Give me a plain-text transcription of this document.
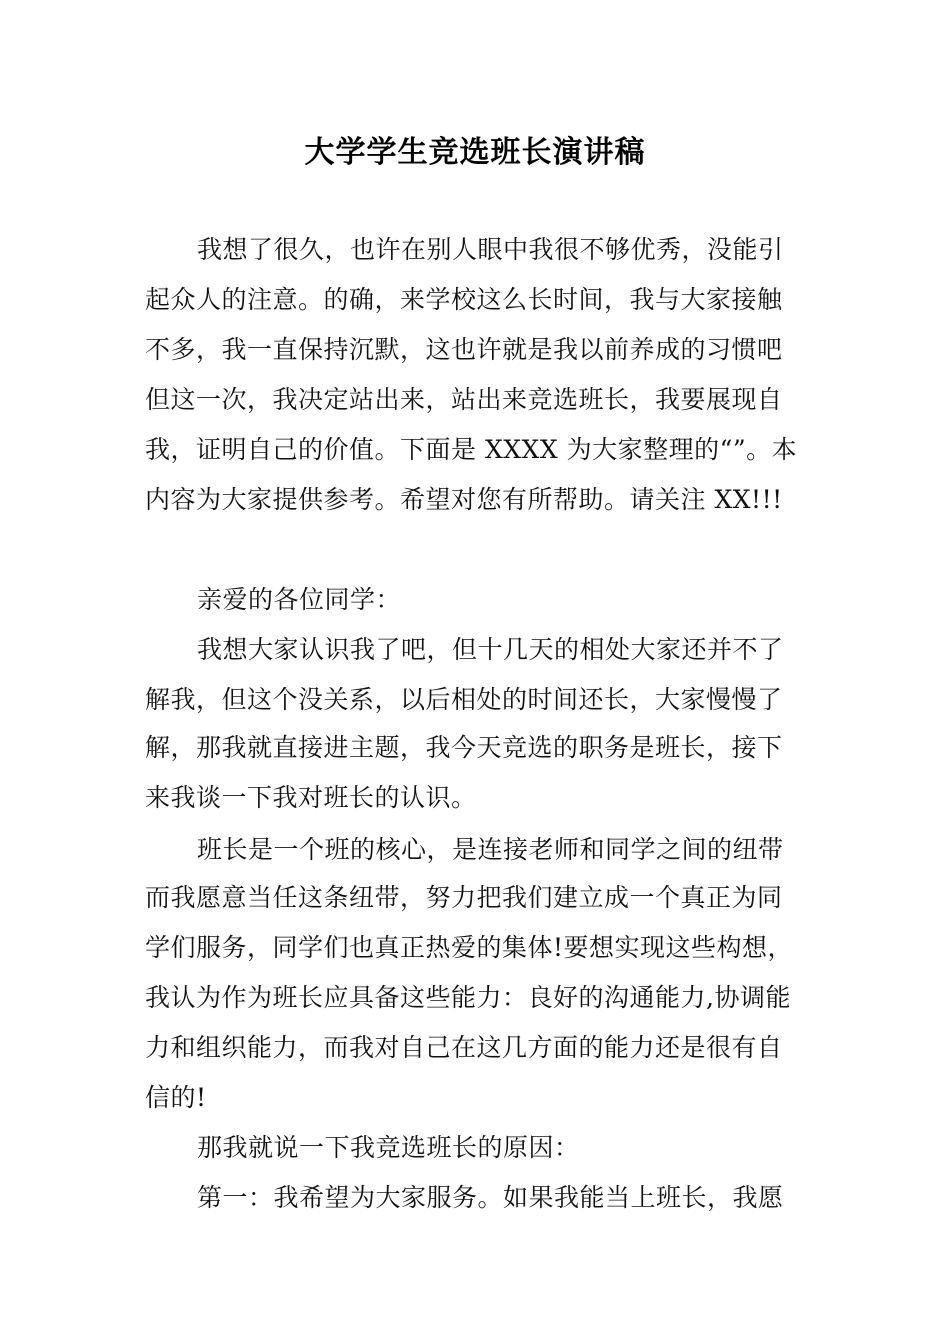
大学学生竞选班长演讲稿
我想了很久，也许在别人眼中我很不够优秀，没能引
起众人的注意。的确，来学校这么长时间，我与大家接触
不多，我一直保持沉默，这也许就是我以前养成的习惯吧
但这一次，我决定站出来，站出来竞选班长，我要展现自
我，证明自己的价值。下面是 XXXX 为大家整理的“”。本
内容为大家提供参考。希望对您有所帮助。请关注 XX!!!
亲爱的各位同学：
我想大家认识我了吧，但十几天的相处大家还并不了
解我，但这个没关系，以后相处的时间还长，大家慢慢了
解，那我就直接进主题，我今天竞选的职务是班长，接下
来我谈一下我对班长的认识。
班长是一个班的核心，是连接老师和同学之间的纽带
而我愿意当任这条纽带，努力把我们建立成一个真正为同
学们服务，同学们也真正热爱的集体!要想实现这些构想，
我认为作为班长应具备这些能力：良好的沟通能力,协调能
力和组织能力，而我对自己在这几方面的能力还是很有自
信的!
那我就说一下我竞选班长的原因：
第一：我希望为大家服务。如果我能当上班长，我愿
